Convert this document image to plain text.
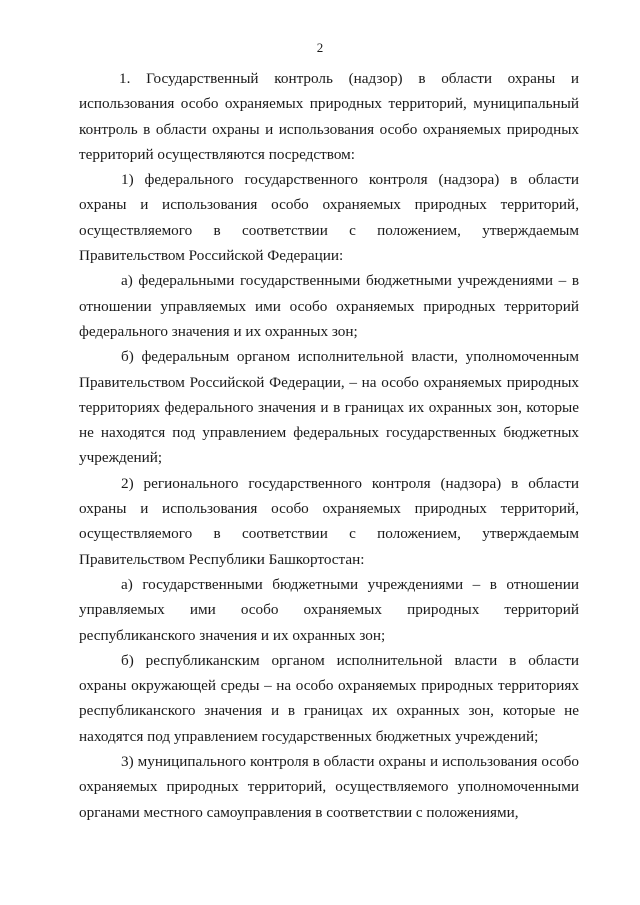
2

1. Государственный контроль (надзор) в области охраны и использования особо охраняемых природных территорий, муниципальный контроль в области охраны и использования особо охраняемых природных территорий осуществляются посредством:

1) федерального государственного контроля (надзора) в области охраны и использования особо охраняемых природных территорий, осуществляемого в соответствии с положением, утверждаемым Правительством Российской Федерации:

а) федеральными государственными бюджетными учреждениями – в отношении управляемых ими особо охраняемых природных территорий федерального значения и их охранных зон;

б) федеральным органом исполнительной власти, уполномоченным Правительством Российской Федерации, – на особо охраняемых природных территориях федерального значения и в границах их охранных зон, которые не находятся под управлением федеральных государственных бюджетных учреждений;

2) регионального государственного контроля (надзора) в области охраны и использования особо охраняемых природных территорий, осуществляемого в соответствии с положением, утверждаемым Правительством Республики Башкортостан:

а) государственными бюджетными учреждениями – в отношении управляемых ими особо охраняемых природных территорий республиканского значения и их охранных зон;

б) республиканским органом исполнительной власти в области охраны окружающей среды – на особо охраняемых природных территориях республиканского значения и в границах их охранных зон, которые не находятся под управлением государственных бюджетных учреждений;

3) муниципального контроля в области охраны и использования особо охраняемых природных территорий, осуществляемого уполномоченными органами местного самоуправления в соответствии с положениями,
